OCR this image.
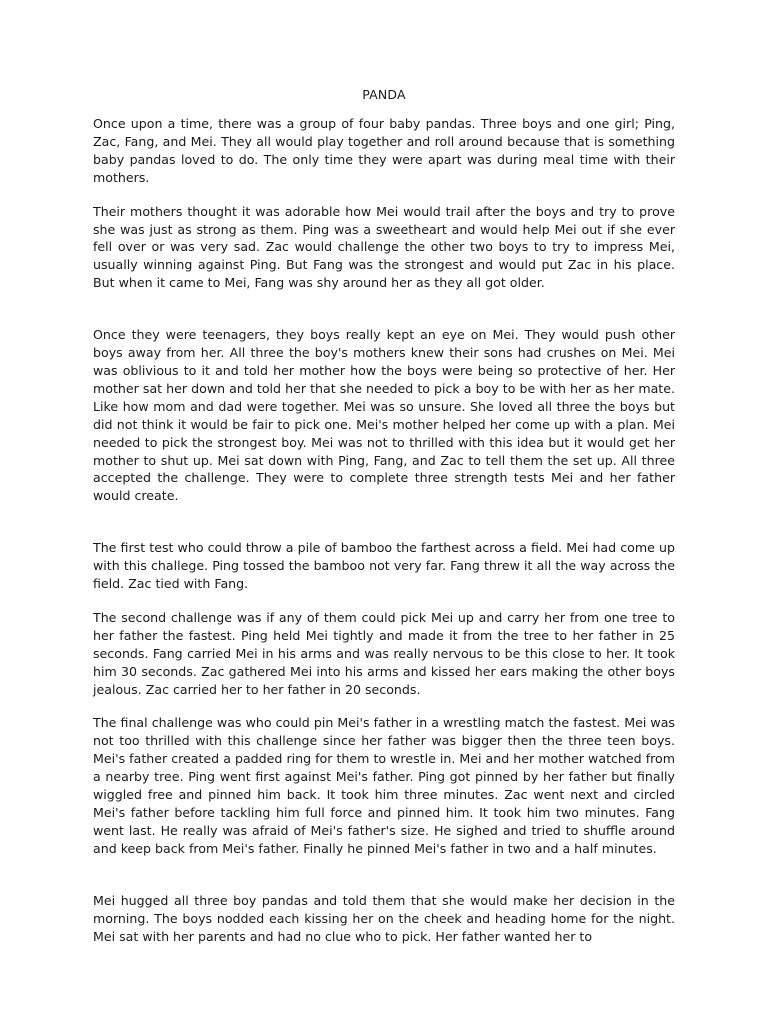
PANDA

Once upon a time, there was a group of four baby pandas. Three boys and one girl; Ping, Zac, Fang, and Mei. They all would play together and roll around because that is something baby pandas loved to do. The only time they were apart was during meal time with their mothers.

Their mothers thought it was adorable how Mei would trail after the boys and try to prove she was just as strong as them. Ping was a sweetheart and would help Mei out if she ever fell over or was very sad. Zac would challenge the other two boys to try to impress Mei, usually winning against Ping. But Fang was the strongest and would put Zac in his place. But when it came to Mei, Fang was shy around her as they all got older.

Once they were teenagers, they boys really kept an eye on Mei. They would push other boys away from her. All three the boy's mothers knew their sons had crushes on Mei. Mei was oblivious to it and told her mother how the boys were being so protective of her. Her mother sat her down and told her that she needed to pick a boy to be with her as her mate. Like how mom and dad were together. Mei was so unsure. She loved all three the boys but did not think it would be fair to pick one. Mei's mother helped her come up with a plan. Mei needed to pick the strongest boy. Mei was not to thrilled with this idea but it would get her mother to shut up. Mei sat down with Ping, Fang, and Zac to tell them the set up. All three accepted the challenge. They were to complete three strength tests Mei and her father would create.

The first test who could throw a pile of bamboo the farthest across a field. Mei had come up with this challege. Ping tossed the bamboo not very far. Fang threw it all the way across the field. Zac tied with Fang.

The second challenge was if any of them could pick Mei up and carry her from one tree to her father the fastest. Ping held Mei tightly and made it from the tree to her father in 25 seconds. Fang carried Mei in his arms and was really nervous to be this close to her. It took him 30 seconds. Zac gathered Mei into his arms and kissed her ears making the other boys jealous. Zac carried her to her father in 20 seconds.

The final challenge was who could pin Mei's father in a wrestling match the fastest. Mei was not too thrilled with this challenge since her father was bigger then the three teen boys. Mei's father created a padded ring for them to wrestle in. Mei and her mother watched from a nearby tree. Ping went first against Mei's father. Ping got pinned by her father but finally wiggled free and pinned him back. It took him three minutes. Zac went next and circled Mei's father before tackling him full force and pinned him. It took him two minutes. Fang went last. He really was afraid of Mei's father's size. He sighed and tried to shuffle around and keep back from Mei's father. Finally he pinned Mei's father in two and a half minutes.

Mei hugged all three boy pandas and told them that she would make her decision in the morning. The boys nodded each kissing her on the cheek and heading home for the night. Mei sat with her parents and had no clue who to pick. Her father wanted her to
